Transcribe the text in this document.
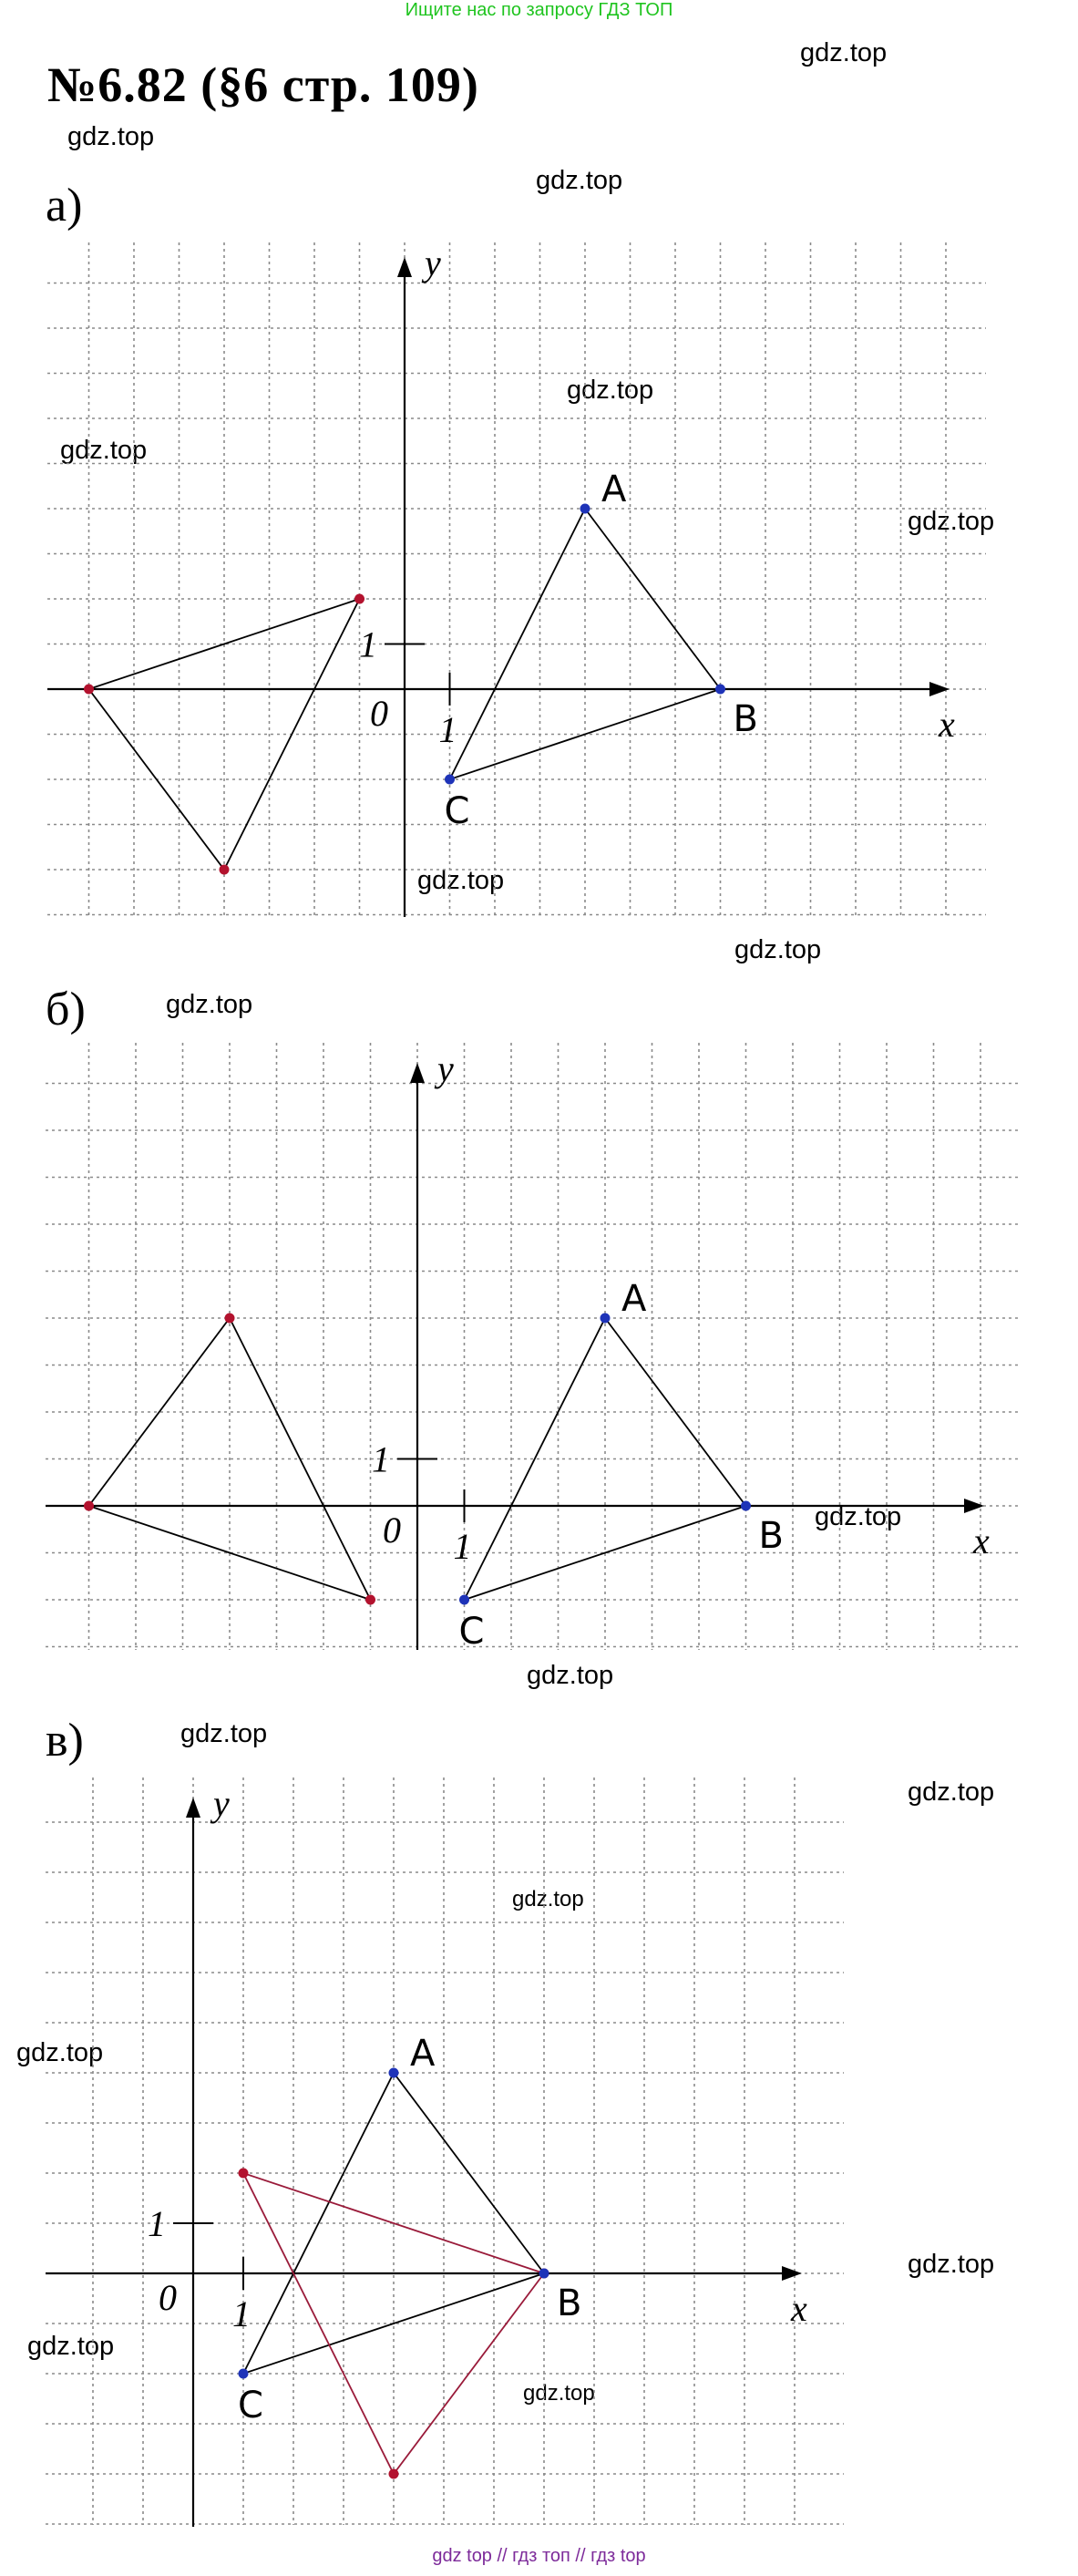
Ищите нас по запросу ГДЗ ТОП
№6.82 (§6 стр. 109)
gdz.top
gdz.top
gdz.top
gdz.top
gdz.top
gdz.top
gdz.top
gdz.top
gdz.top
gdz.top
gdz.top
gdz.top
gdz.top
gdz.top
gdz.top
gdz.top
gdz.top
gdz.top
а)
б)
в)
x
y
0 1
1
A
B
C
x
y
0 1
1
A
B
C
x
y
0 1
1
A
B
C
gdz top // гдз топ // гдз top
